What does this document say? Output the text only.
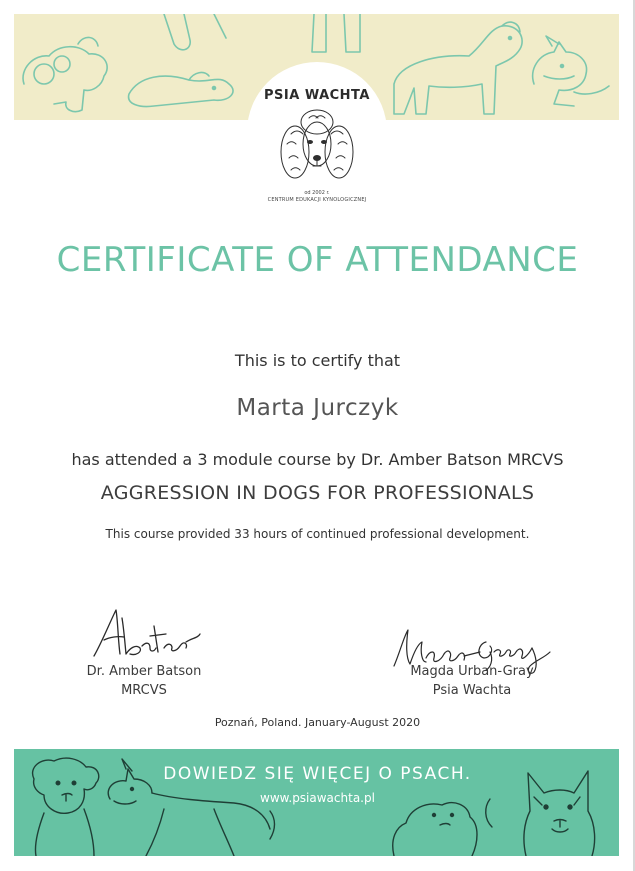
PSIA WACHTA
od 2002 r.
CENTRUM EDUKACJI KYNOLOGICZNEJ
CERTIFICATE OF ATTENDANCE
This is to certify that
Marta Jurczyk
has attended a 3 module course by Dr. Amber Batson MRCVS
AGGRESSION IN DOGS FOR PROFESSIONALS
This course provided 33 hours of continued professional development.
Dr. Amber Batson
MRCVS
Magda Urban-Gray
Psia Wachta
Poznań, Poland. January-August 2020
DOWIEDZ SIĘ WIĘCEJ O PSACH.
www.psiawachta.pl
